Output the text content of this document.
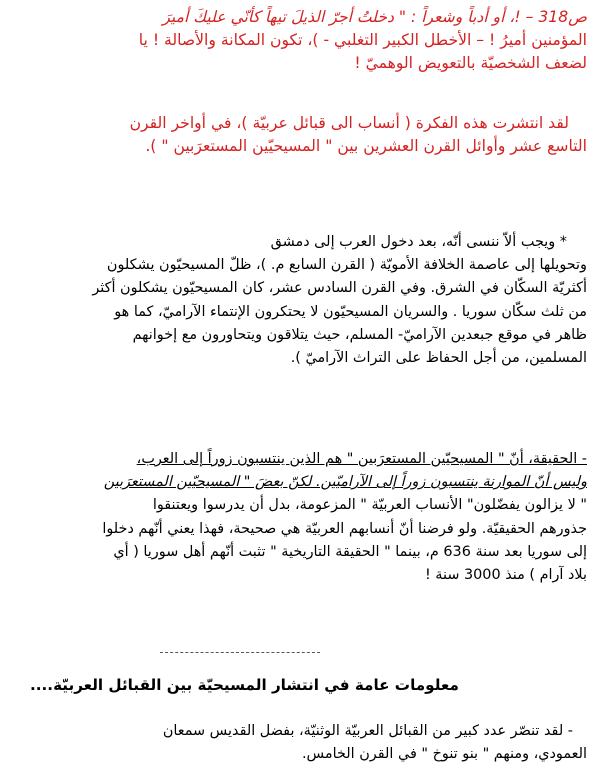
ص318 – !، أو أدباً وشعراً : " دخلتُ أجرّ الذيلَ تيهاً كأنّي عليكَ أميرَ
المؤمنين أميرُ ! – الأخطل الكبير التغلبي - )، تكون المكانة والأصالة ! يا
لضعف الشخصيّة بالتعويض الوهميّ !
لقد انتشرت هذه الفكرة ( أنساب الى قبائل عربيّة )، في أواخر القرن
التاسع عشر وأوائل القرن العشرين بين " المسيحيّين المستعرَبين " ).
* ويجب ألاّ ننسى أنّه، بعد دخول العرب إلى دمشق
وتحويلها إلى عاصمة الخلافة الأمويّة ( القرن السابع م. )، ظلّ المسيحيّون يشكلون
أكثريّة السكّان في الشرق. وفي القرن السادس عشر، كان المسيحيّون يشكلون أكثر
من ثلث سكّان سوريا . والسريان المسيحيّون لا يحتكرون الإنتماء الآراميّ، كما هو
ظاهر في موقع جبعدين الآراميّ- المسلم، حيث يتلاقون ويتحاورون مع إخوانهم
المسلمين، من أجل الحفاظ على التراث الآراميّ ).
- الحقيقة، أنّ " المسيحيّين المستعرَبين " هم الذين ينتسبون زوراً إلى العرب،
وليس أنّ الموارنة ينتسبون زوراً إلى الآراميّين. لكنّ بعضَ " المسيحيّين المستعرَبين
" لا يزالون يفضّلون" الأنساب العربيّة " المزعومة، بدل أن يدرسوا ويعتنقوا
جذورهم الحقيقيّة. ولو فرضنا أنّ أنسابهم العربيّة هي صحيحة، فهذا يعني أنّهم دخلوا
إلى سوريا بعد سنة 636 م، بينما " الحقيقة التاريخية " تثبت أنّهم أهل سوريا ( أي
بلاد آرام ) منذ 3000 سنة !
معلومات عامة في انتشار المسيحيّة بين القبائل العربيّة....
- لقد تنصّر عدد كبير من القبائل العربيّة الوثنيّة، بفضل القديس سمعان
العمودي، ومنهم " بنو تنوخ " في القرن الخامس.
